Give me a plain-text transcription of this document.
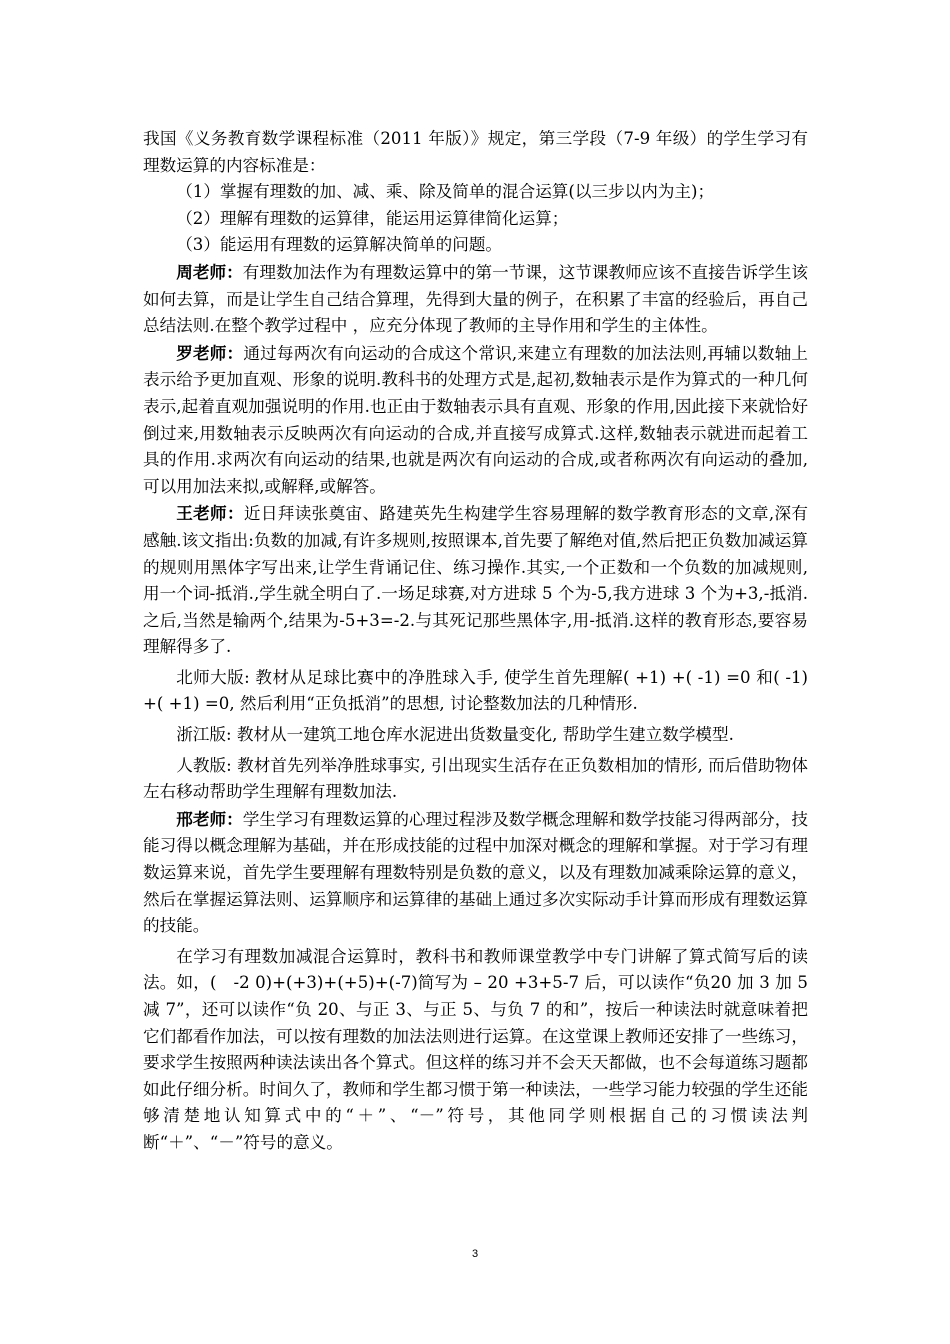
我国《义务教育数学课程标准（2011 年版）》规定，第三学段（7-9 年级）的学生学习有理数运算的内容标准是：

（1）掌握有理数的加、减、乘、除及简单的混合运算(以三步以内为主)；

（2）理解有理数的运算律，能运用运算律简化运算；

（3）能运用有理数的运算解决简单的问题。

周老师：有理数加法作为有理数运算中的第一节课，这节课教师应该不直接告诉学生该如何去算，而是让学生自己结合算理，先得到大量的例子，在积累了丰富的经验后，再自己总结法则.在整个教学过程中 ，应充分体现了教师的主导作用和学生的主体性。

罗老师：通过每两次有向运动的合成这个常识,来建立有理数的加法法则,再辅以数轴上表示给予更加直观、形象的说明.教科书的处理方式是,起初,数轴表示是作为算式的一种几何表示,起着直观加强说明的作用.也正由于数轴表示具有直观、形象的作用,因此接下来就恰好倒过来,用数轴表示反映两次有向运动的合成,并直接写成算式.这样,数轴表示就进而起着工具的作用.求两次有向运动的结果,也就是两次有向运动的合成,或者称两次有向运动的叠加,可以用加法来拟,或解释,或解答。

王老师：近日拜读张奠宙、路建英先生构建学生容易理解的数学教育形态的文章,深有感触.该文指出:负数的加减,有许多规则,按照课本,首先要了解绝对值,然后把正负数加减运算的规则用黑体字写出来,让学生背诵记住、练习操作.其实,一个正数和一个负数的加减规则,用一个词-抵消.,学生就全明白了.一场足球赛,对方进球 5 个为-5,我方进球 3 个为+3,-抵消.之后,当然是输两个,结果为-5+3=-2.与其死记那些黑体字,用-抵消.这样的教育形态,要容易理解得多了.

北师大版: 教材从足球比赛中的净胜球入手, 使学生首先理解( +1) +( -1) =0 和( -1) +( +1) =0, 然后利用“正负抵消”的思想, 讨论整数加法的几种情形.

浙江版: 教材从一建筑工地仓库水泥进出货数量变化, 帮助学生建立数学模型.

人教版: 教材首先列举净胜球事实, 引出现实生活存在正负数相加的情形, 而后借助物体左右移动帮助学生理解有理数加法.

邢老师：学生学习有理数运算的心理过程涉及数学概念理解和数学技能习得两部分，技能习得以概念理解为基础，并在形成技能的过程中加深对概念的理解和掌握。对于学习有理数运算来说，首先学生要理解有理数特别是负数的意义，以及有理数加减乘除运算的意义，然后在掌握运算法则、运算顺序和运算律的基础上通过多次实际动手计算而形成有理数运算的技能。

在学习有理数加减混合运算时，教科书和教师课堂教学中专门讲解了算式简写后的读法。如，(　-2 0)+(+3)+(+5)+(-7)简写为 – 20 +3+5-7 后，可以读作“负20 加 3 加 5 减 7”，还可以读作“负 20、与正 3、与正 5、与负 7 的和”，按后一种读法时就意味着把它们都看作加法，可以按有理数的加法法则进行运算。在这堂课上教师还安排了一些练习，要求学生按照两种读法读出各个算式。但这样的练习并不会天天都做，也不会每道练习题都如此仔细分析。时间久了，教师和学生都习惯于第一种读法，一些学习能力较强的学生还能够清楚地认知算式中的“＋”、“－”符号，其他同学则根据自己的习惯读法判断“＋”、“－”符号的意义。

3
